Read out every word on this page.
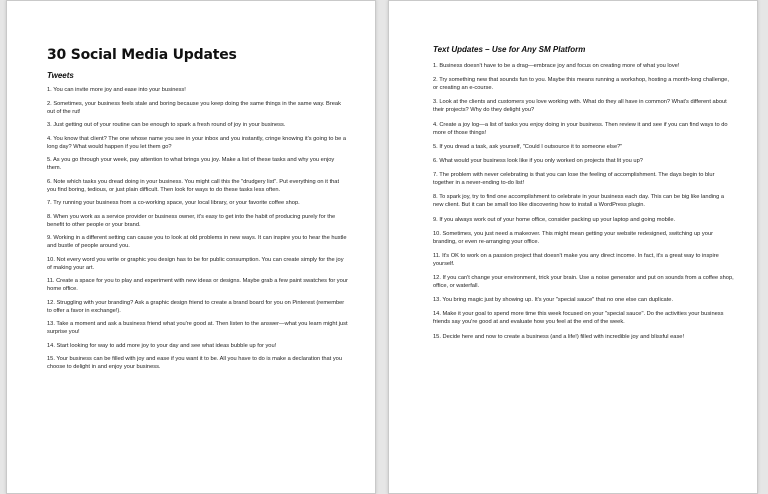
30 Social Media Updates
Tweets

1. You can invite more joy and ease into your business!

2. Sometimes, your business feels stale and boring because you keep doing the same things in the same way. Break out of the rut!

3. Just getting out of your routine can be enough to spark a fresh round of joy in your business.

4. You know that client? The one whose name you see in your inbox and you instantly, cringe knowing it's going to be a long day? What would happen if you let them go?

5. As you go through your week, pay attention to what brings you joy. Make a list of these tasks and why you enjoy them.

6. Note which tasks you dread doing in your business. You might call this the "drudgery list". Put everything on it that you find boring, tedious, or just plain difficult. Then look for ways to do these tasks less often.

7. Try running your business from a co-working space, your local library, or your favorite coffee shop.

8. When you work as a service provider or business owner, it's easy to get into the habit of producing purely for the benefit to other people or your brand.

9. Working in a different setting can cause you to look at old problems in new ways. It can inspire you to hear the hustle and bustle of people around you.

10. Not every word you write or graphic you design has to be for public consumption. You can create simply for the joy of making your art.

11. Create a space for you to play and experiment with new ideas or designs. Maybe grab a few paint swatches for your home office.

12. Struggling with your branding? Ask a graphic design friend to create a brand board for you on Pinterest (remember to offer a favor in exchange!).

13. Take a moment and ask a business friend what you're good at. Then listen to the answer—what you learn might just surprise you!

14. Start looking for way to add more joy to your day and see what ideas bubble up for you!

15. Your business can be filled with joy and ease if you want it to be. All you have to do is make a declaration that you choose to delight in and enjoy your business.

Text Updates – Use for Any SM Platform

1. Business doesn't have to be a drag—embrace joy and focus on creating more of what you love!

2. Try something new that sounds fun to you. Maybe this means running a workshop, hosting a month-long challenge, or creating an e-course.

3. Look at the clients and customers you love working with. What do they all have in common? What's different about their projects? Why do they delight you?

4. Create a joy log—a list of tasks you enjoy doing in your business. Then review it and see if you can find ways to do more of those things!

5. If you dread a task, ask yourself, "Could I outsource it to someone else?"

6. What would your business look like if you only worked on projects that lit you up?

7. The problem with never celebrating is that you can lose the feeling of accomplishment. The days begin to blur together in a never-ending to-do list!

8. To spark joy, try to find one accomplishment to celebrate in your business each day. This can be big like landing a new client. But it can be small too like discovering how to install a WordPress plugin.

9. If you always work out of your home office, consider packing up your laptop and going mobile.

10. Sometimes, you just need a makeover. This might mean getting your website redesigned, switching up your branding, or even re-arranging your office.

11. It's OK to work on a passion project that doesn't make you any direct income. In fact, it's a great way to inspire yourself.

12. If you can't change your environment, trick your brain. Use a noise generator and put on sounds from a coffee shop, office, or waterfall.

13. You bring magic just by showing up. It's your "special sauce" that no one else can duplicate.

14. Make it your goal to spend more time this week focused on your "special sauce". Do the activities your business friends say you're good at and evaluate how you feel at the end of the week.

15. Decide here and now to create a business (and a life!) filled with incredible joy and blissful ease!
